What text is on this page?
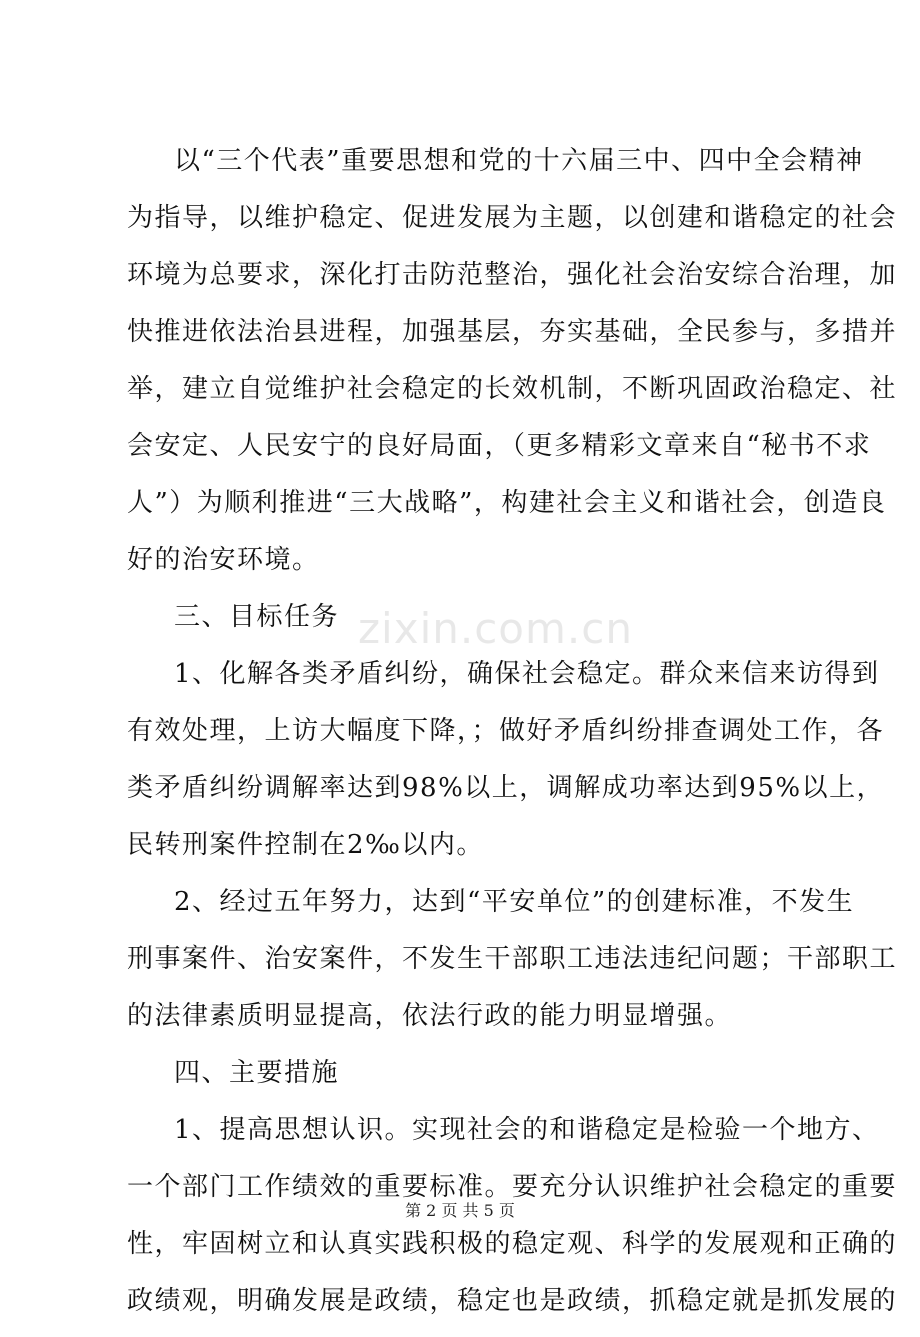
以“三个代表”重要思想和党的十六届三中、四中全会精神
为指导，以维护稳定、促进发展为主题，以创建和谐稳定的社会
环境为总要求，深化打击防范整治，强化社会治安综合治理，加
快推进依法治县进程，加强基层，夯实基础，全民参与，多措并
举，建立自觉维护社会稳定的长效机制，不断巩固政治稳定、社
会安定、人民安宁的良好局面，（更多精彩文章来自“秘书不求
人”）为顺利推进“三大战略”，构建社会主义和谐社会，创造良
好的治安环境。
三、目标任务
1、化解各类矛盾纠纷，确保社会稳定。群众来信来访得到
有效处理，上访大幅度下降，；做好矛盾纠纷排查调处工作，各
类矛盾纠纷调解率达到98%以上，调解成功率达到95%以上，
民转刑案件控制在2‰以内。
2、经过五年努力，达到“平安单位”的创建标准，不发生
刑事案件、治安案件，不发生干部职工违法违纪问题；干部职工
的法律素质明显提高，依法行政的能力明显增强。
四、主要措施
1、提高思想认识。实现社会的和谐稳定是检验一个地方、
一个部门工作绩效的重要标准。要充分认识维护社会稳定的重要
性，牢固树立和认真实践积极的稳定观、科学的发展观和正确的
政绩观，明确发展是政绩，稳定也是政绩，抓稳定就是抓发展的
zixin.com.cn
第 2 页 共 5 页
